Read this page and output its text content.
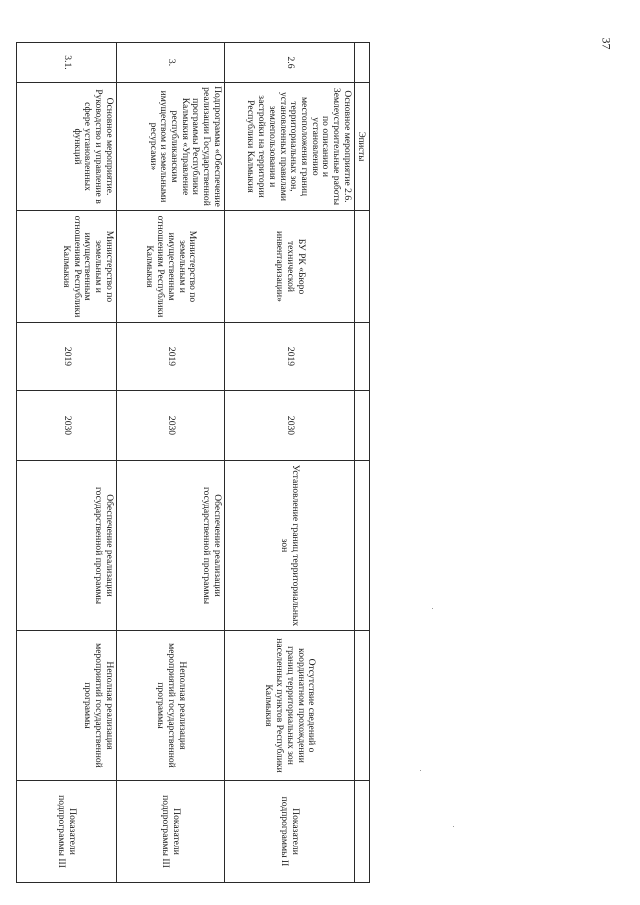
37
	Эписты						
2.6	Основное мероприятие 2.6. Землеустроительные работы по описанию и установлению местоположения границ территориальных зон, установленных правилами землепользования и застройки на территории Республики Калмыкия	БУ РК «Бюро технической инвентаризации»	2019	2030	Установление границ территориальных зон	Отсутствие сведений о координатном прохождении границ территориальных зон населенных пунктов Республики Калмыкия	Показатели подпрограммы II
3.	Подпрограмма «Обеспечение реализации Государственной программы Республики Калмыкия «Управление республиканским имуществом и земельными ресурсами»	Министерство по земельным и имущественным отношениям Республики Калмыкия	2019	2030	Обеспечение реализации государственной программы	Неполная реализация мероприятий государственной программы	Показатели подпрограммы III
3.1.	Основное мероприятие. Руководство и управление в сфере установленных функций	Министерство по земельным и имущественным отношениям Республики Калмыкия	2019	2030	Обеспечение реализации государственной программы	Неполная реализация мероприятий государственной программы	Показатели подпрограммы III
